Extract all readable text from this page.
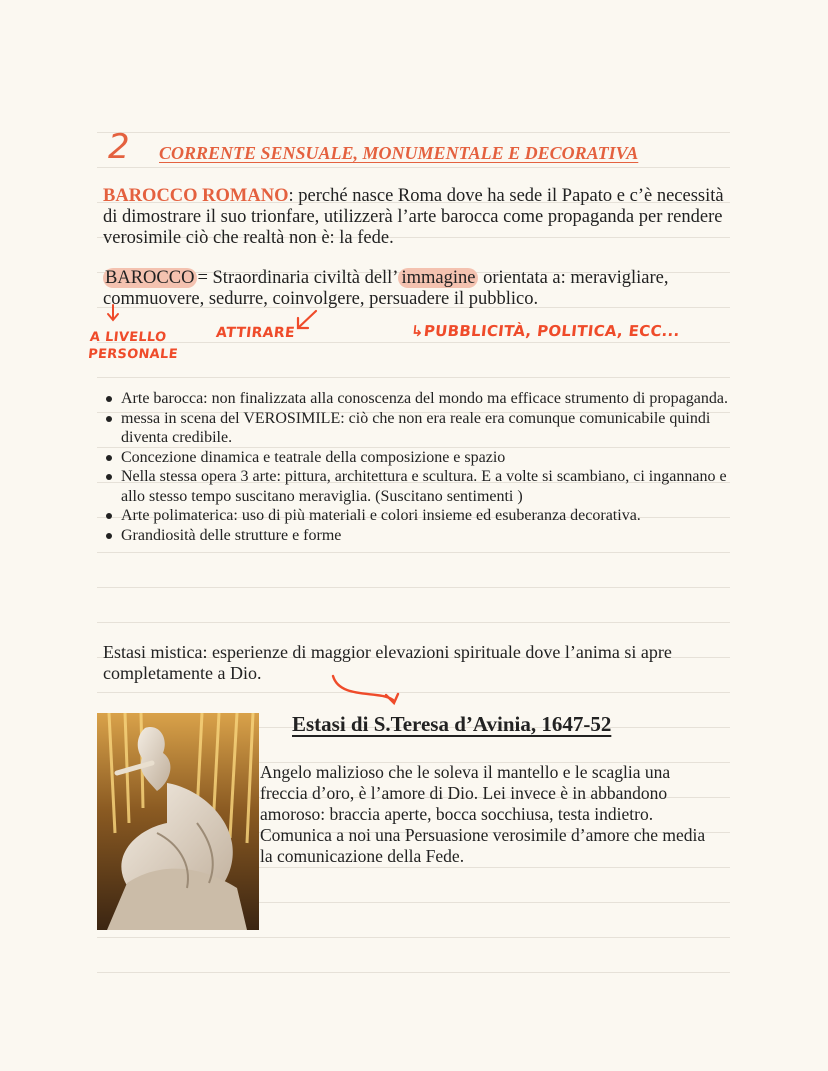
2 CORRENTE SENSUALE, MONUMENTALE E DECORATIVA
BAROCCO ROMANO: perché nasce Roma dove ha sede il Papato e c’è necessità di dimostrare il suo trionfare, utilizzerà l’arte barocca come propaganda per rendere verosimile ciò che realtà non è: la fede.
BAROCCO = Straordinaria civiltà dell’ immagine orientata a: meravigliare, commuovere, sedurre, coinvolgere, persuadere il pubblico.
A LIVELLO
PERSONALE
ATTIRARE	↳PUBBLICITÀ, POLITICA, ECC...
Arte barocca: non finalizzata alla conoscenza del mondo ma efficace strumento di propaganda.
messa in scena del VEROSIMILE: ciò che non era reale era comunque comunicabile quindi diventa credibile.
Concezione dinamica e teatrale della composizione e spazio
Nella stessa opera 3 arte: pittura, architettura e scultura. E a volte si scambiano, ci ingannano e allo stesso tempo suscitano meraviglia. (Suscitano sentimenti )
Arte polimaterica: uso di più materiali e colori insieme ed esuberanza decorativa.
Grandiosità delle strutture e forme
Estasi mistica: esperienze di maggior elevazioni spirituale dove l’anima si apre completamente a Dio.
Estasi di S.Teresa d’Avinia, 1647-52
Angelo malizioso che le soleva il mantello e le scaglia una freccia d’oro, è l’amore di Dio. Lei invece è in abbandono amoroso: braccia aperte, bocca socchiusa, testa indietro. Comunica a noi una Persuasione verosimile d’amore che media la comunicazione della Fede.
